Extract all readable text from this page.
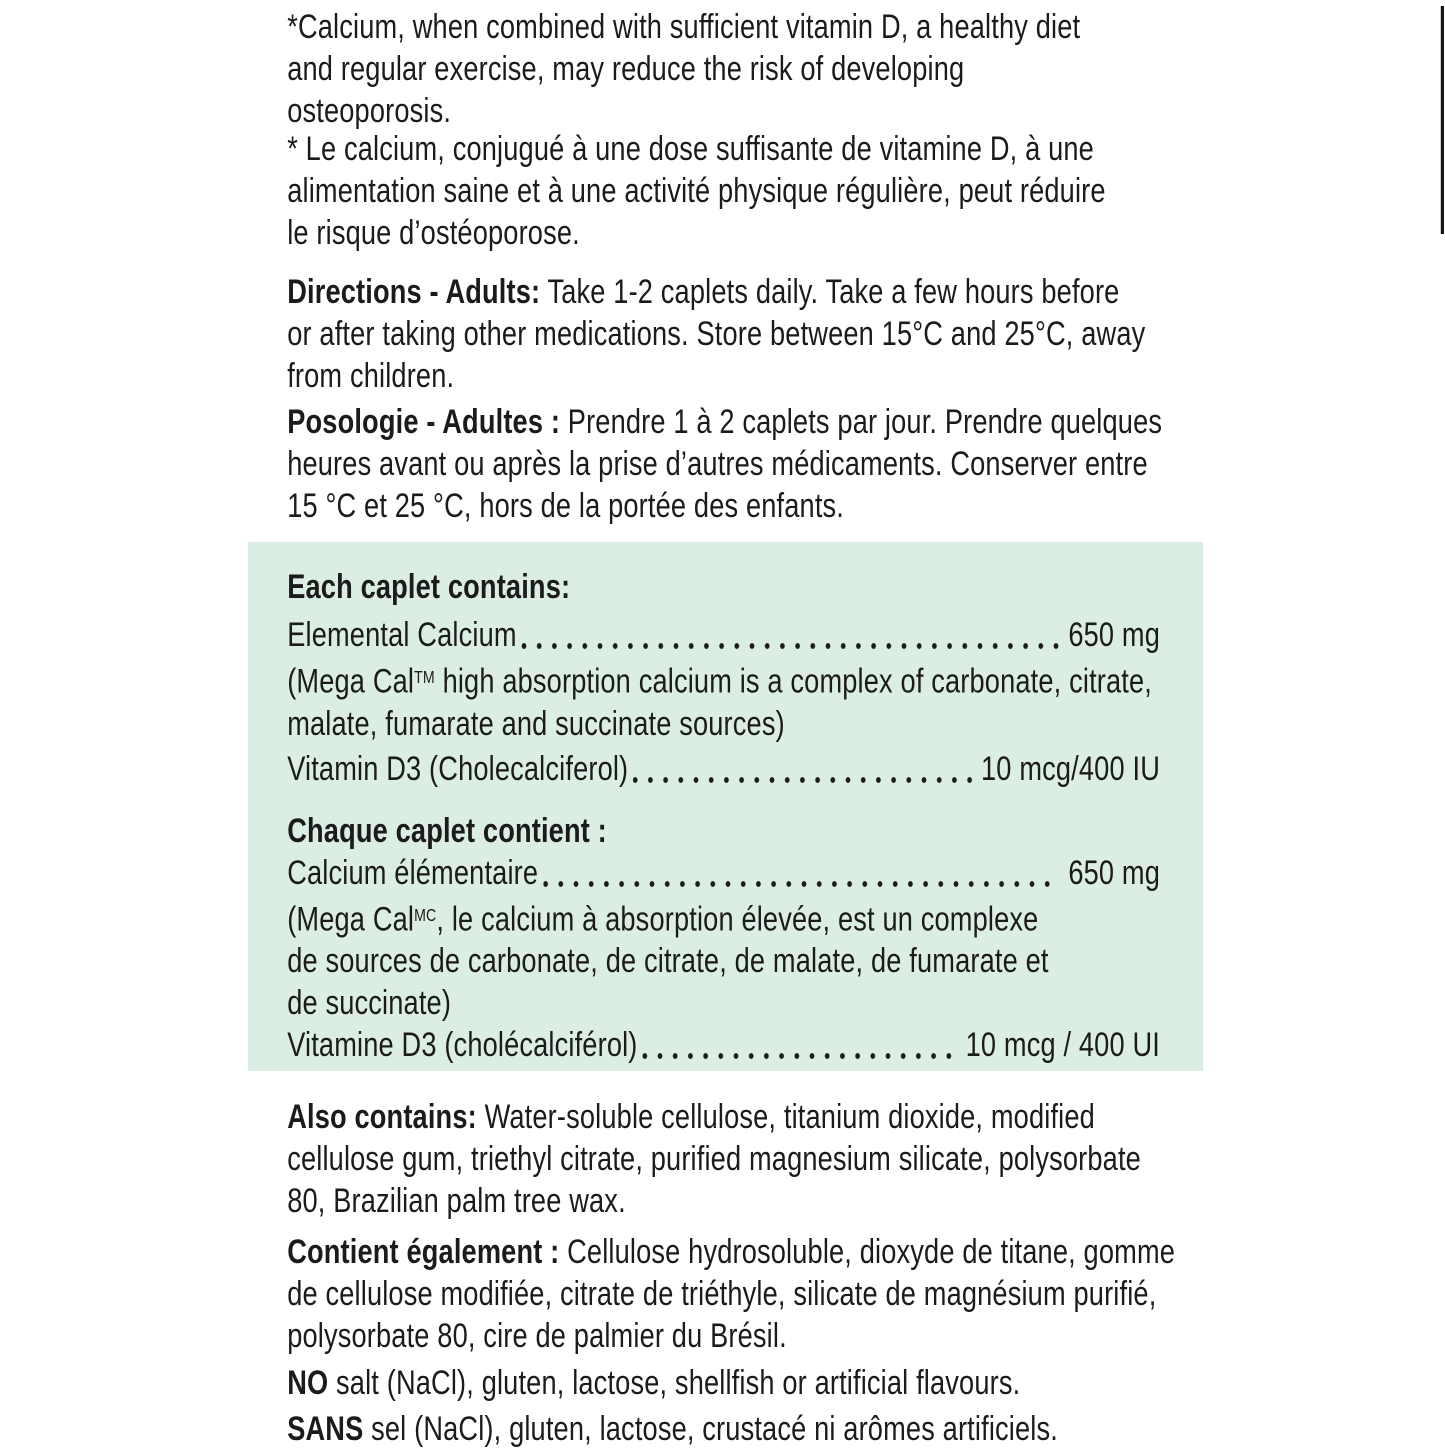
*Calcium, when combined with sufficient vitamin D, a healthy diet
and regular exercise, may reduce the risk of developing
osteoporosis.
* Le calcium, conjugué à une dose suffisante de vitamine D, à une
alimentation saine et à une activité physique régulière, peut réduire
le risque d’ostéoporose.
Directions - Adults: Take 1-2 caplets daily. Take a few hours before
or after taking other medications. Store between 15°C and 25°C, away
from children.
Posologie - Adultes : Prendre 1 à 2 caplets par jour. Prendre quelques
heures avant ou après la prise d’autres médicaments. Conserver entre
15 °C et 25 °C, hors de la portée des enfants.
Each caplet contains:
Elemental Calcium	650 mg
(Mega Cal™ high absorption calcium is a complex of carbonate, citrate,
malate, fumarate and succinate sources)
Vitamin D3 (Cholecalciferol)	10 mcg/400 IU
Chaque caplet contient :
Calcium élémentaire	650 mg
(Mega Cal$^{MC}$, le calcium à absorption élevée, est un complexe
de sources de carbonate, de citrate, de malate, de fumarate et
de succinate)
Vitamine D3 (cholécalciférol)	10 mcg / 400 UI
Also contains: Water-soluble cellulose, titanium dioxide, modified
cellulose gum, triethyl citrate, purified magnesium silicate, polysorbate
80, Brazilian palm tree wax.
Contient également : Cellulose hydrosoluble, dioxyde de titane, gomme
de cellulose modifiée, citrate de triéthyle, silicate de magnésium purifié,
polysorbate 80, cire de palmier du Brésil.
NO salt (NaCl), gluten, lactose, shellfish or artificial flavours.
SANS sel (NaCl), gluten, lactose, crustacé ni arômes artificiels.
